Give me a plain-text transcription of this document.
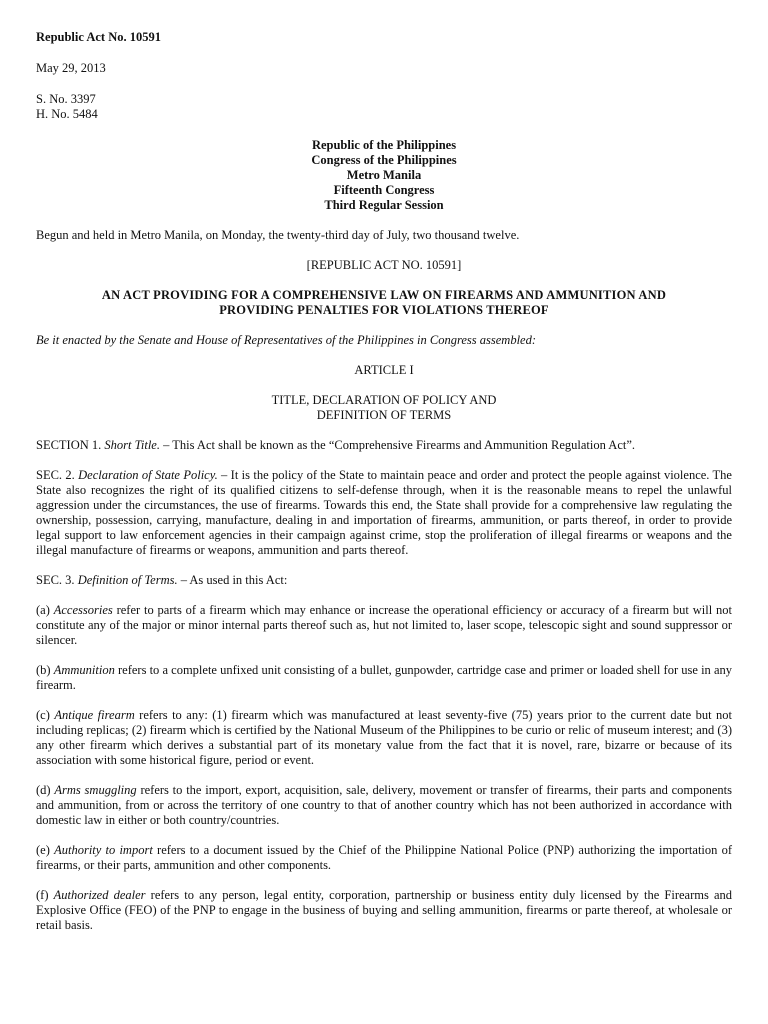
Republic Act No. 10591

May 29, 2013

S. No. 3397

H. No. 5484

Republic of the Philippines

Congress of the Philippines

Metro Manila

Fifteenth Congress

Third Regular Session

Begun and held in Metro Manila, on Monday, the twenty-third day of July, two thousand twelve.

[REPUBLIC ACT NO. 10591]

AN ACT PROVIDING FOR A COMPREHENSIVE LAW ON FIREARMS AND AMMUNITION AND

PROVIDING PENALTIES FOR VIOLATIONS THEREOF

Be it enacted by the Senate and House of Representatives of the Philippines in Congress assembled:

ARTICLE I

TITLE, DECLARATION OF POLICY AND

DEFINITION OF TERMS

SECTION 1. Short Title. – This Act shall be known as the “Comprehensive Firearms and Ammunition Regulation Act”.

SEC. 2. Declaration of State Policy. – It is the policy of the State to maintain peace and order and protect the people against violence. The State also recognizes the right of its qualified citizens to self-defense through, when it is the reasonable means to repel the unlawful aggression under the circumstances, the use of firearms. Towards this end, the State shall provide for a comprehensive law regulating the ownership, possession, carrying, manufacture, dealing in and importation of firearms, ammunition, or parts thereof, in order to provide legal support to law enforcement agencies in their campaign against crime, stop the proliferation of illegal firearms or weapons and the illegal manufacture of firearms or weapons, ammunition and parts thereof.

SEC. 3. Definition of Terms. – As used in this Act:

(a) Accessories refer to parts of a firearm which may enhance or increase the operational efficiency or accuracy of a firearm but will not constitute any of the major or minor internal parts thereof such as, hut not limited to, laser scope, telescopic sight and sound suppressor or silencer.

(b) Ammunition refers to a complete unfixed unit consisting of a bullet, gunpowder, cartridge case and primer or loaded shell for use in any firearm.

(c) Antique firearm refers to any: (1) firearm which was manufactured at least seventy-five (75) years prior to the current date but not including replicas; (2) firearm which is certified by the National Museum of the Philippines to be curio or relic of museum interest; and (3) any other firearm which derives a substantial part of its monetary value from the fact that it is novel, rare, bizarre or because of its association with some historical figure, period or event.

(d) Arms smuggling refers to the import, export, acquisition, sale, delivery, movement or transfer of firearms, their parts and components and ammunition, from or across the territory of one country to that of another country which has not been authorized in accordance with domestic law in either or both country/countries.

(e) Authority to import refers to a document issued by the Chief of the Philippine National Police (PNP) authorizing the importation of firearms, or their parts, ammunition and other components.

(f) Authorized dealer refers to any person, legal entity, corporation, partnership or business entity duly licensed by the Firearms and Explosive Office (FEO) of the PNP to engage in the business of buying and selling ammunition, firearms or parte thereof, at wholesale or retail basis.
